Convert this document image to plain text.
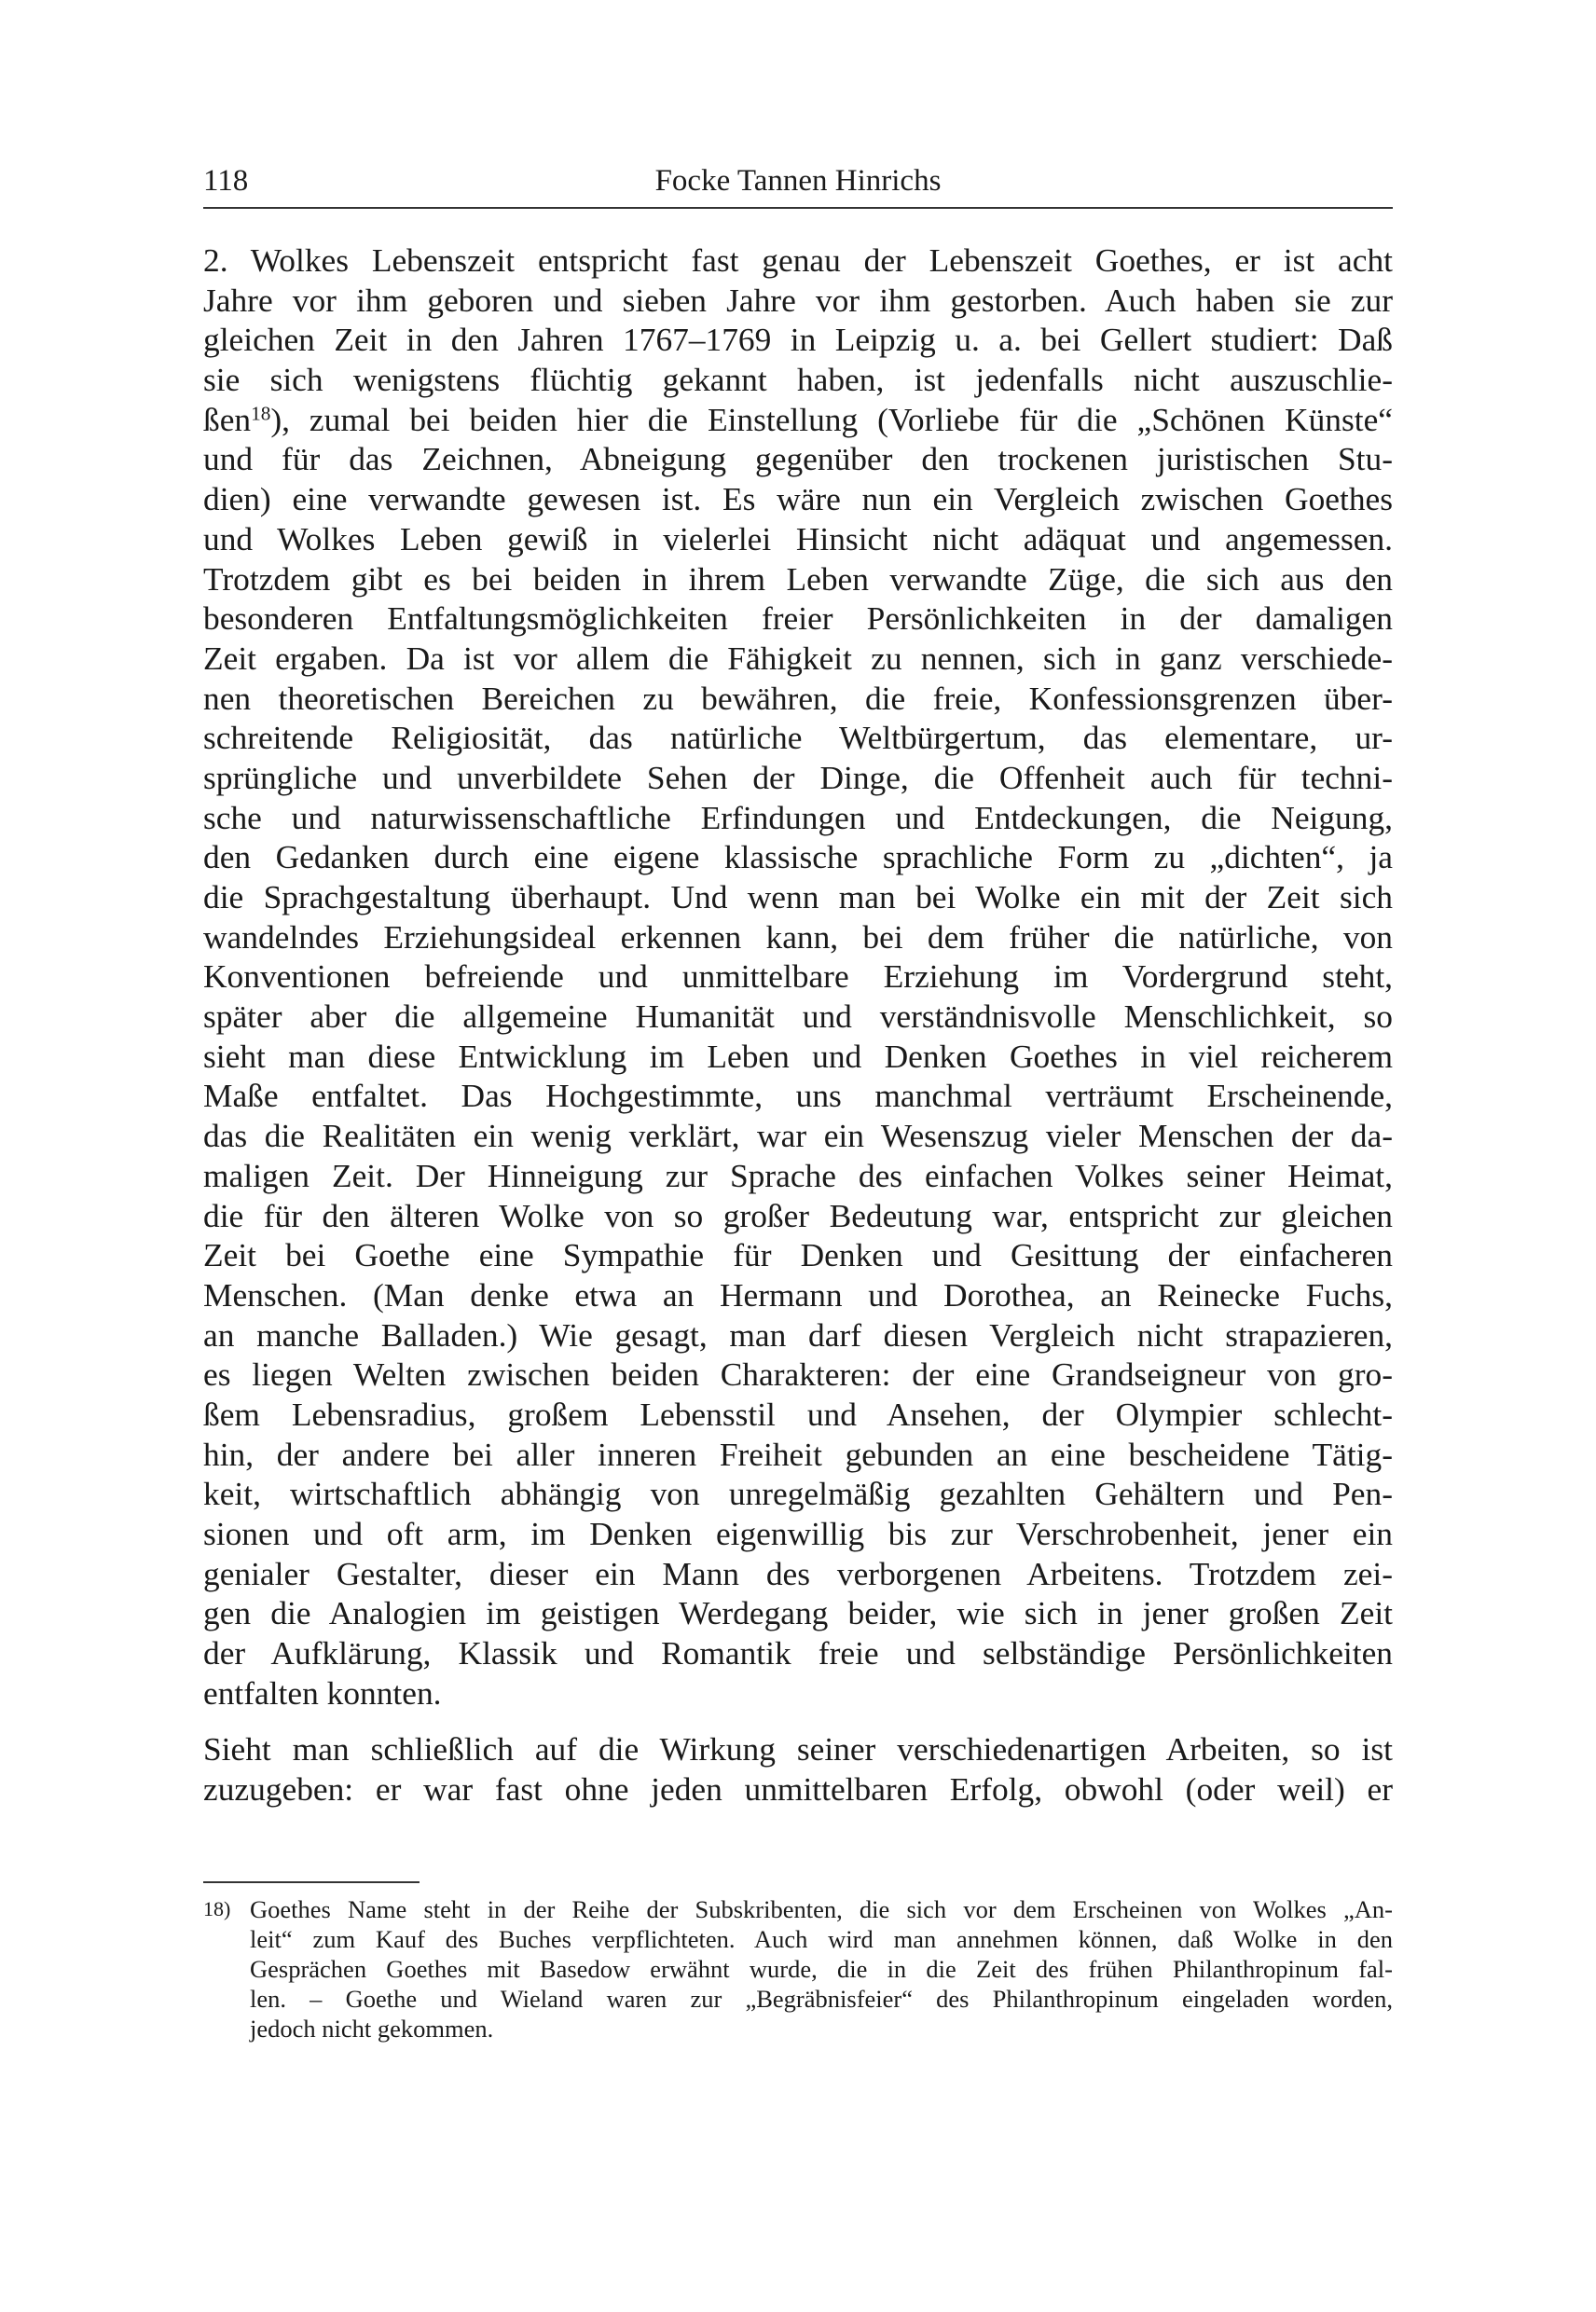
118	Focke Tannen Hinrichs
2. Wolkes Lebenszeit entspricht fast genau der Lebenszeit Goethes, er ist acht
Jahre vor ihm geboren und sieben Jahre vor ihm gestorben. Auch haben sie zur
gleichen Zeit in den Jahren 1767–1769 in Leipzig u. a. bei Gellert studiert: Daß
sie sich wenigstens flüchtig gekannt haben, ist jedenfalls nicht auszuschlie-
ßen$^{18}$), zumal bei beiden hier die Einstellung (Vorliebe für die „Schönen Künste“
und für das Zeichnen, Abneigung gegenüber den trockenen juristischen Stu-
dien) eine verwandte gewesen ist. Es wäre nun ein Vergleich zwischen Goethes
und Wolkes Leben gewiß in vielerlei Hinsicht nicht adäquat und angemessen.
Trotzdem gibt es bei beiden in ihrem Leben verwandte Züge, die sich aus den
besonderen Entfaltungsmöglichkeiten freier Persönlichkeiten in der damaligen
Zeit ergaben. Da ist vor allem die Fähigkeit zu nennen, sich in ganz verschiede-
nen theoretischen Bereichen zu bewähren, die freie, Konfessionsgrenzen über-
schreitende Religiosität, das natürliche Weltbürgertum, das elementare, ur-
sprüngliche und unverbildete Sehen der Dinge, die Offenheit auch für techni-
sche und naturwissenschaftliche Erfindungen und Entdeckungen, die Neigung,
den Gedanken durch eine eigene klassische sprachliche Form zu „dichten“, ja
die Sprachgestaltung überhaupt. Und wenn man bei Wolke ein mit der Zeit sich
wandelndes Erziehungsideal erkennen kann, bei dem früher die natürliche, von
Konventionen befreiende und unmittelbare Erziehung im Vordergrund steht,
später aber die allgemeine Humanität und verständnisvolle Menschlichkeit, so
sieht man diese Entwicklung im Leben und Denken Goethes in viel reicherem
Maße entfaltet. Das Hochgestimmte, uns manchmal verträumt Erscheinende,
das die Realitäten ein wenig verklärt, war ein Wesenszug vieler Menschen der da-
maligen Zeit. Der Hinneigung zur Sprache des einfachen Volkes seiner Heimat,
die für den älteren Wolke von so großer Bedeutung war, entspricht zur gleichen
Zeit bei Goethe eine Sympathie für Denken und Gesittung der einfacheren
Menschen. (Man denke etwa an Hermann und Dorothea, an Reinecke Fuchs,
an manche Balladen.) Wie gesagt, man darf diesen Vergleich nicht strapazieren,
es liegen Welten zwischen beiden Charakteren: der eine Grandseigneur von gro-
ßem Lebensradius, großem Lebensstil und Ansehen, der Olympier schlecht-
hin, der andere bei aller inneren Freiheit gebunden an eine bescheidene Tätig-
keit, wirtschaftlich abhängig von unregelmäßig gezahlten Gehältern und Pen-
sionen und oft arm, im Denken eigenwillig bis zur Verschrobenheit, jener ein
genialer Gestalter, dieser ein Mann des verborgenen Arbeitens. Trotzdem zei-
gen die Analogien im geistigen Werdegang beider, wie sich in jener großen Zeit
der Aufklärung, Klassik und Romantik freie und selbständige Persönlichkeiten
entfalten konnten.
Sieht man schließlich auf die Wirkung seiner verschiedenartigen Arbeiten, so ist
zuzugeben: er war fast ohne jeden unmittelbaren Erfolg, obwohl (oder weil) er
18) Goethes Name steht in der Reihe der Subskribenten, die sich vor dem Erscheinen von Wolkes „An-
leit“ zum Kauf des Buches verpflichteten. Auch wird man annehmen können, daß Wolke in den
Gesprächen Goethes mit Basedow erwähnt wurde, die in die Zeit des frühen Philanthropinum fal-
len. – Goethe und Wieland waren zur „Begräbnisfeier“ des Philanthropinum eingeladen worden,
jedoch nicht gekommen.
